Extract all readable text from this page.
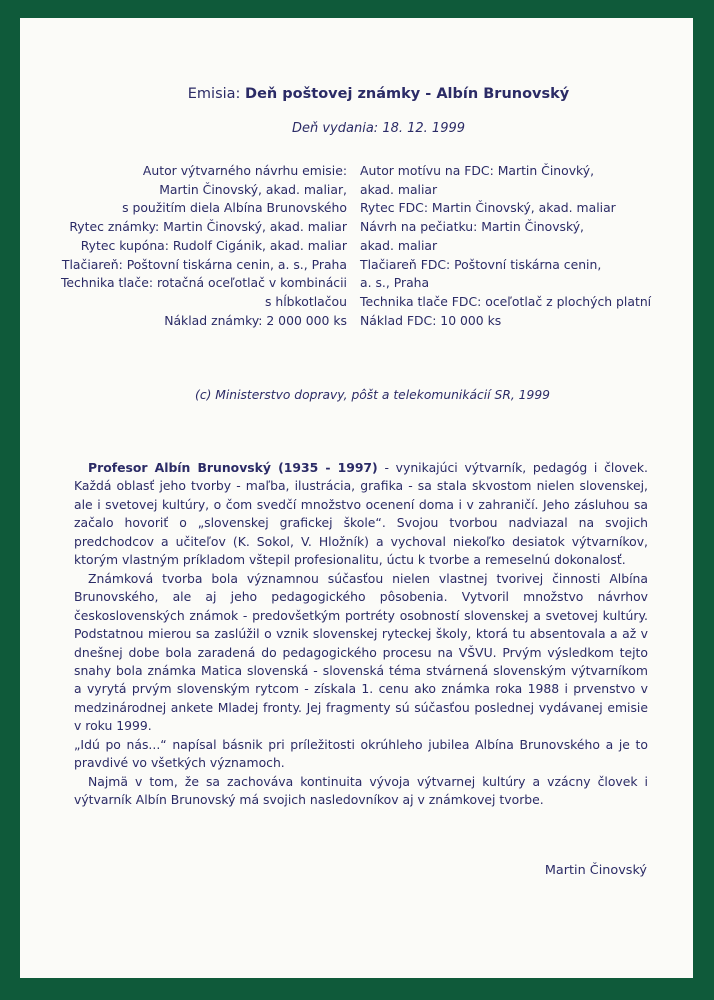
Emisia: Deň poštovej známky - Albín Brunovský
Deň vydania: 18. 12. 1999
Autor výtvarného návrhu emisie:
Martin Činovský, akad. maliar,
s použitím diela Albína Brunovského
Rytec známky: Martin Činovský, akad. maliar
Rytec kupóna: Rudolf Cigánik, akad. maliar
Tlačiareň: Poštovní tiskárna cenin, a. s., Praha
Technika tlače: rotačná oceľotlač v kombinácii
s hĺbkotlačou
Náklad známky: 2 000 000 ks
Autor motívu na FDC: Martin Činovký,
akad. maliar
Rytec FDC: Martin Činovský, akad. maliar
Návrh na pečiatku: Martin Činovský,
akad. maliar
Tlačiareň FDC: Poštovní tiskárna cenin,
a. s., Praha
Technika tlače FDC: oceľotlač z plochých platní
Náklad FDC: 10 000 ks
(c) Ministerstvo dopravy, pôšt a telekomunikácií SR, 1999

Profesor Albín Brunovský (1935 - 1997) - vynikajúci výtvarník, pedagóg i človek. Každá oblasť jeho tvorby - maľba, ilustrácia, grafika - sa stala skvostom nielen slovenskej, ale i svetovej kultúry, o čom svedčí množstvo ocenení doma i v zahraničí. Jeho zásluhou sa začalo hovoriť o „slovenskej grafickej škole“. Svojou tvorbou nadviazal na svojich predchodcov a učiteľov (K. Sokol, V. Hložník) a vychoval niekoľko desiatok výtvarníkov, ktorým vlastným príkladom vštepil profesionalitu, úctu k tvorbe a remeselnú dokonalosť.

Známková tvorba bola významnou súčasťou nielen vlastnej tvorivej činnosti Albína Brunovského, ale aj jeho pedagogického pôsobenia. Vytvoril množstvo návrhov československých známok - predovšetkým portréty osobností slovenskej a svetovej kultúry. Podstatnou mierou sa zaslúžil o vznik slovenskej ryteckej školy, ktorá tu absentovala a až v dnešnej dobe bola zaradená do pedagogického procesu na VŠVU. Prvým výsledkom tejto snahy bola známka Matica slovenská - slovenská téma stvárnená slovenským výtvarníkom a vyrytá prvým slovenským rytcom - získala 1. cenu ako známka roka 1988 i prvenstvo v medzinárodnej ankete Mladej fronty. Jej fragmenty sú súčasťou poslednej vydávanej emisie v roku 1999.

„Idú po nás...“ napísal básnik pri príležitosti okrúhleho jubilea Albína Brunovského a je to pravdivé vo všetkých významoch.

Najmä v tom, že sa zachováva kontinuita vývoja výtvarnej kultúry a vzácny človek i výtvarník Albín Brunovský má svojich nasledovníkov aj v známkovej tvorbe.

Martin Činovský
